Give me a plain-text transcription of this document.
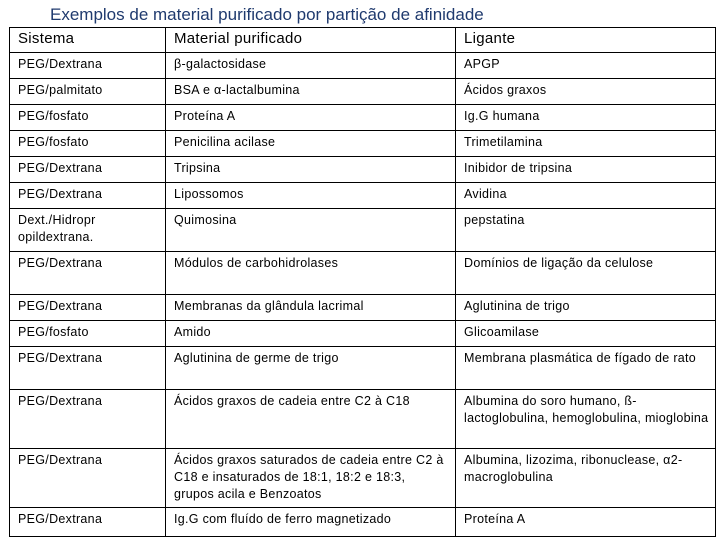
Exemplos de material purificado por partição de afinidade
Sistema	Material purificado	Ligante
PEG/Dextrana	β-galactosidase	APGP
PEG/palmitato	BSA e α-lactalbumina	Ácidos graxos
PEG/fosfato	Proteína A	Ig.G humana
PEG/fosfato	Penicilina acilase	Trimetilamina
PEG/Dextrana	Tripsina	Inibidor de tripsina
PEG/Dextrana	Lipossomos	Avidina
Dext./Hidropr opildextrana.	Quimosina	pepstatina
PEG/Dextrana	Módulos de carbohidrolases	Domínios de ligação da celulose
PEG/Dextrana	Membranas da glândula lacrimal	Aglutinina de trigo
PEG/fosfato	Amido	Glicoamilase
PEG/Dextrana	Aglutinina de germe de trigo	Membrana plasmática de fígado de rato
PEG/Dextrana	Ácidos graxos de cadeia entre C2 à C18	Albumina do soro humano, ß-lactoglobulina, hemoglobulina, mioglobina
PEG/Dextrana	Ácidos graxos saturados de cadeia entre C2 à C18 e insaturados de 18:1, 18:2 e 18:3, grupos acila e Benzoatos	Albumina, lizozima, ribonuclease, α2- macroglobulina
PEG/Dextrana	Ig.G com fluído de ferro magnetizado	Proteína A
